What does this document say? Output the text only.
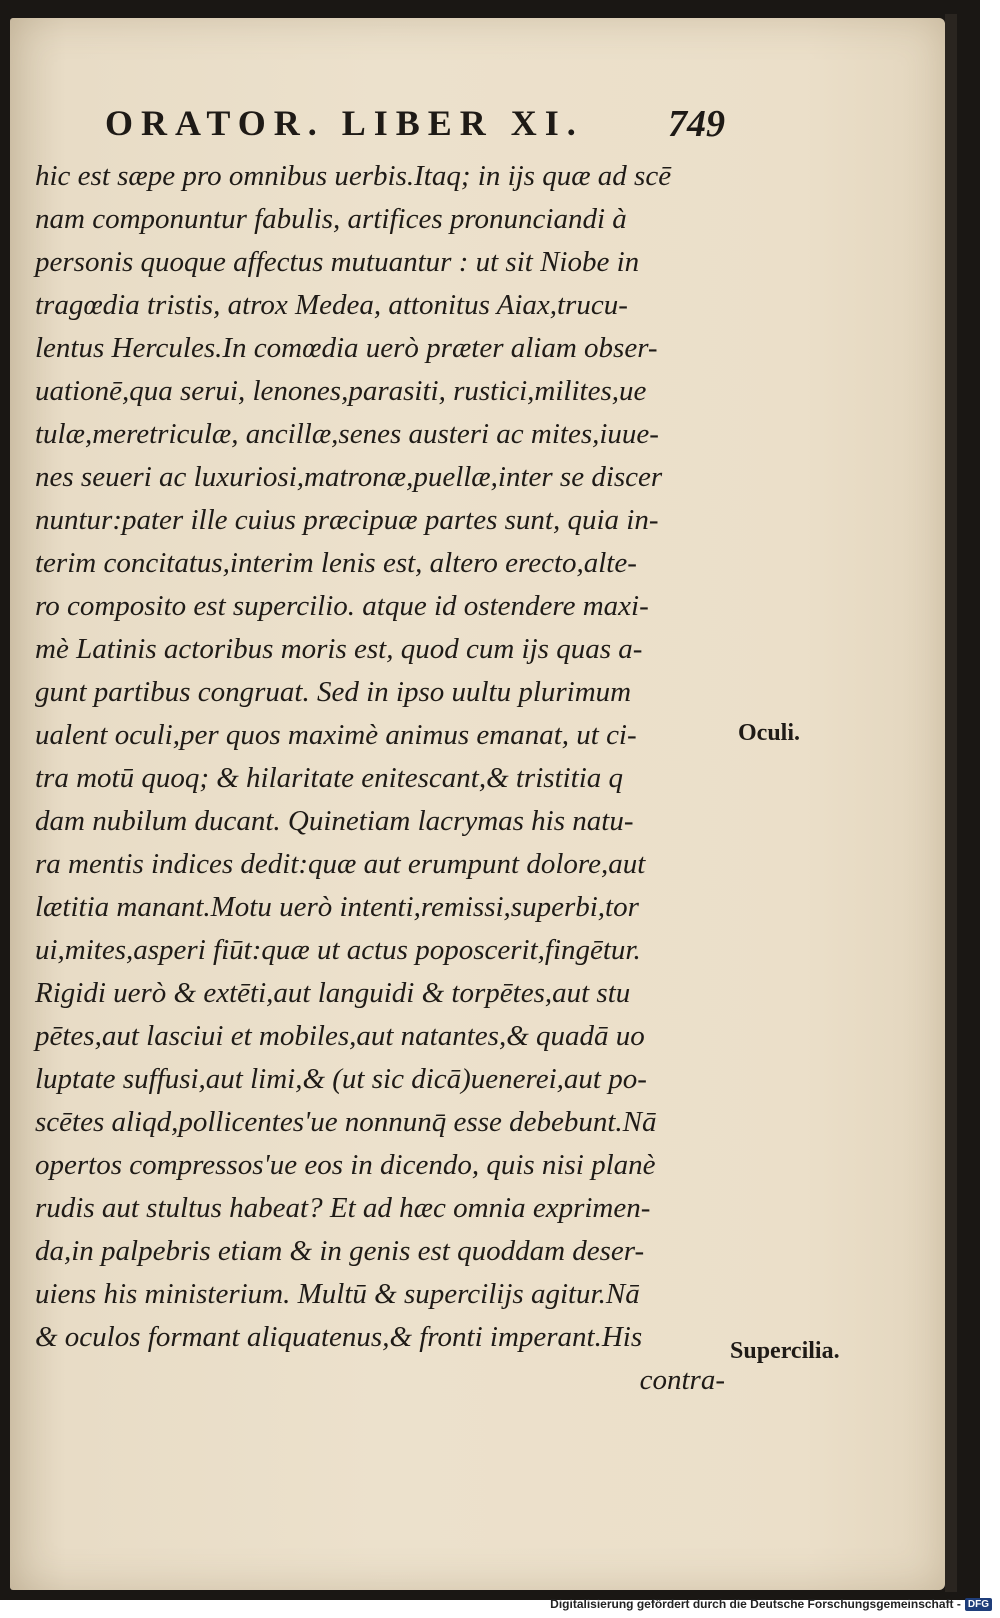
ORATOR. LIBER XI. 749
hic est sæpe pro omnibus uerbis.Itaq; in ijs quæ ad scē
nam componuntur fabulis, artifices pronunciandi à
personis quoque affectus mutuantur : ut sit Niobe in
tragœdia tristis, atrox Medea, attonitus Aiax,trucu-
lentus Hercules.In comœdia uerò præter aliam obser-
uationē,qua serui, lenones,parasiti, rustici,milites,ue
tulæ,meretriculæ, ancillæ,senes austeri ac mites,iuue-
nes seueri ac luxuriosi,matronæ,puellæ,inter se discer
nuntur:pater ille cuius præcipuæ partes sunt, quia in-
terim concitatus,interim lenis est, altero erecto,alte-
ro composito est supercilio. atque id ostendere maxi-
mè Latinis actoribus moris est, quod cum ijs quas a-
gunt partibus congruat. Sed in ipso uultu plurimum
ualent oculi,per quos maximè animus emanat, ut ci-
tra motū quoq; & hilaritate enitescant,& tristitia q
dam nubilum ducant. Quinetiam lacrymas his natu-
ra mentis indices dedit:quæ aut erumpunt dolore,aut
lætitia manant.Motu uerò intenti,remissi,superbi,tor
ui,mites,asperi fiūt:quæ ut actus poposcerit,fingētur.
Rigidi uerò & extēti,aut languidi & torpētes,aut stu
pētes,aut lasciui et mobiles,aut natantes,& quadā uo
luptate suffusi,aut limi,& (ut sic dicā)uenerei,aut po-
scētes aliqd,pollicentes'ue nonnunq̄ esse debebunt.Nā
opertos compressos'ue eos in dicendo, quis nisi planè
rudis aut stultus habeat? Et ad hæc omnia exprimen-
da,in palpebris etiam & in genis est quoddam deser-
uiens his ministerium. Multū & supercilijs agitur.Nā
& oculos formant aliquatenus,& fronti imperant.His
contra-
Oculi.
Supercilia.
Digitalisierung gefördert durch die Deutsche Forschungsgemeinschaft - DFG
